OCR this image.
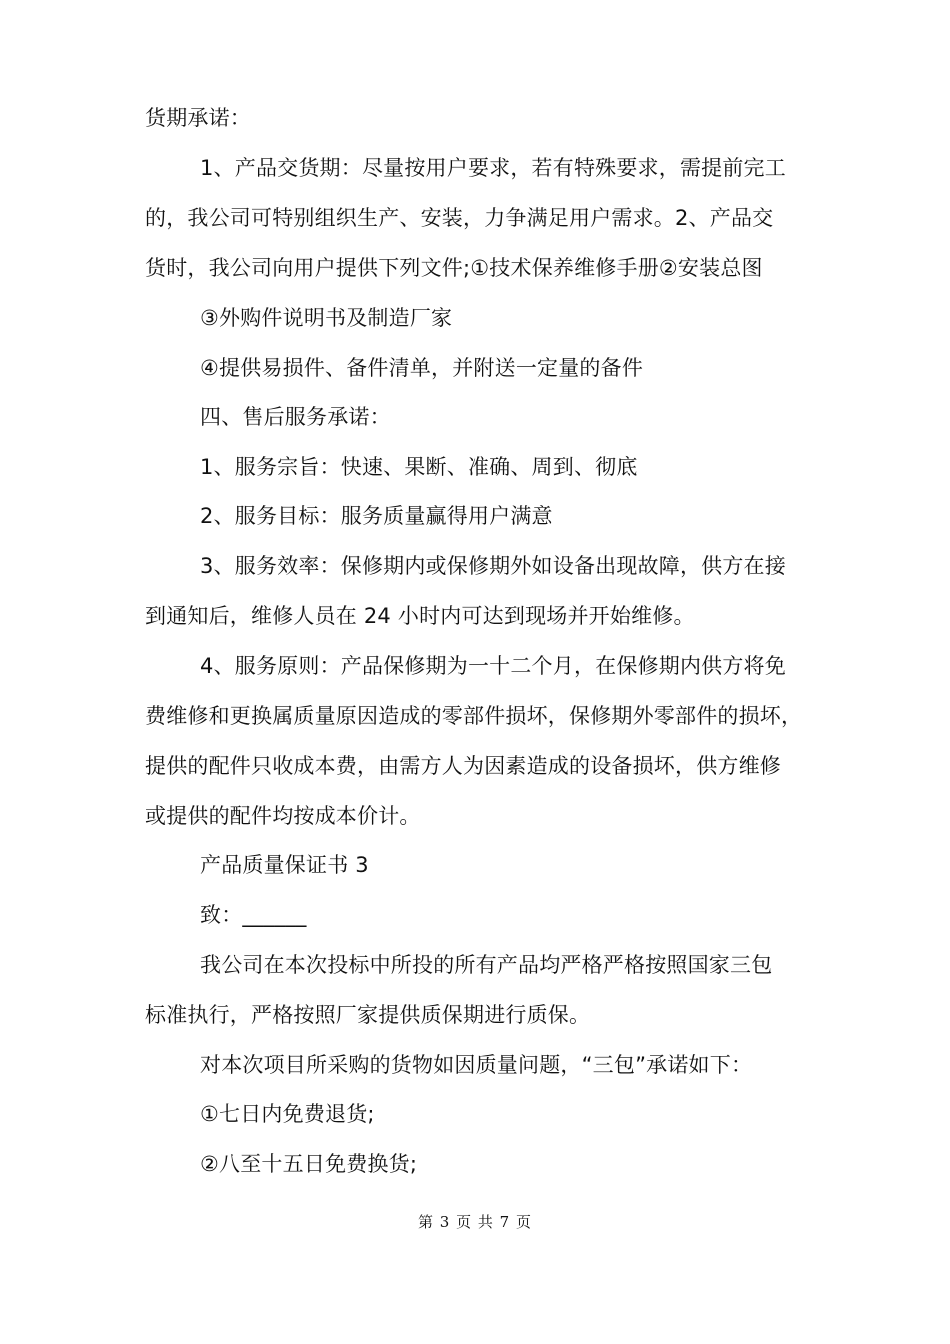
货期承诺：
1、产品交货期：尽量按用户要求，若有特殊要求，需提前完工
的，我公司可特别组织生产、安装，力争满足用户需求。2、产品交
货时，我公司向用户提供下列文件;①技术保养维修手册②安装总图
③外购件说明书及制造厂家
④提供易损件、备件清单，并附送一定量的备件
四、售后服务承诺：
1、服务宗旨：快速、果断、准确、周到、彻底
2、服务目标：服务质量赢得用户满意
3、服务效率：保修期内或保修期外如设备出现故障，供方在接
到通知后，维修人员在 24 小时内可达到现场并开始维修。
4、服务原则：产品保修期为一十二个月，在保修期内供方将免
费维修和更换属质量原因造成的零部件损坏，保修期外零部件的损坏，
提供的配件只收成本费，由需方人为因素造成的设备损坏，供方维修
或提供的配件均按成本价计。
产品质量保证书 3
致：______
我公司在本次投标中所投的所有产品均严格严格按照国家三包
标准执行，严格按照厂家提供质保期进行质保。
对本次项目所采购的货物如因质量问题，“三包”承诺如下：
①七日内免费退货;
②八至十五日免费换货;
第 3 页 共 7 页
